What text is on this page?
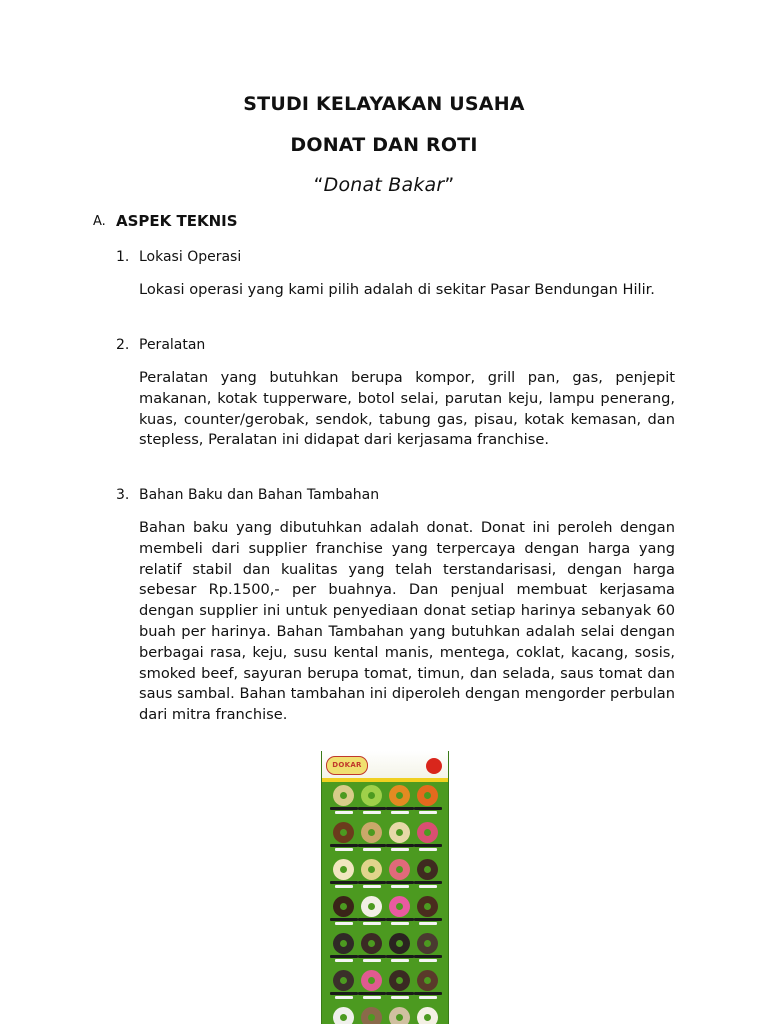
STUDI KELAYAKAN USAHA
DONAT DAN ROTI
“Donat Bakar”
A. ASPEK TEKNIS
1. Lokasi Operasi

Lokasi operasi yang kami pilih adalah di sekitar Pasar Bendungan Hilir.

2. Peralatan

Peralatan yang butuhkan berupa kompor, grill pan, gas, penjepit makanan, kotak tupperware, botol selai, parutan keju, lampu penerang, kuas, counter/gerobak, sendok, tabung gas, pisau, kotak kemasan, dan stepless, Peralatan ini didapat dari kerjasama franchise.

3. Bahan Baku dan Bahan Tambahan

Bahan baku yang dibutuhkan adalah donat. Donat ini peroleh dengan membeli dari supplier franchise yang terpercaya dengan harga yang relatif stabil dan kualitas yang telah terstandarisasi, dengan harga sebesar Rp.1500,- per buahnya. Dan penjual membuat kerjasama dengan supplier ini untuk penyediaan donat setiap harinya sebanyak 60 buah per harinya. Bahan Tambahan yang butuhkan adalah selai dengan berbagai rasa, keju, susu kental manis, mentega, coklat, kacang, sosis, smoked beef, sayuran berupa tomat, timun, dan selada, saus tomat dan saus sambal. Bahan tambahan ini diperoleh dengan mengorder perbulan dari mitra franchise.

DOKAR
